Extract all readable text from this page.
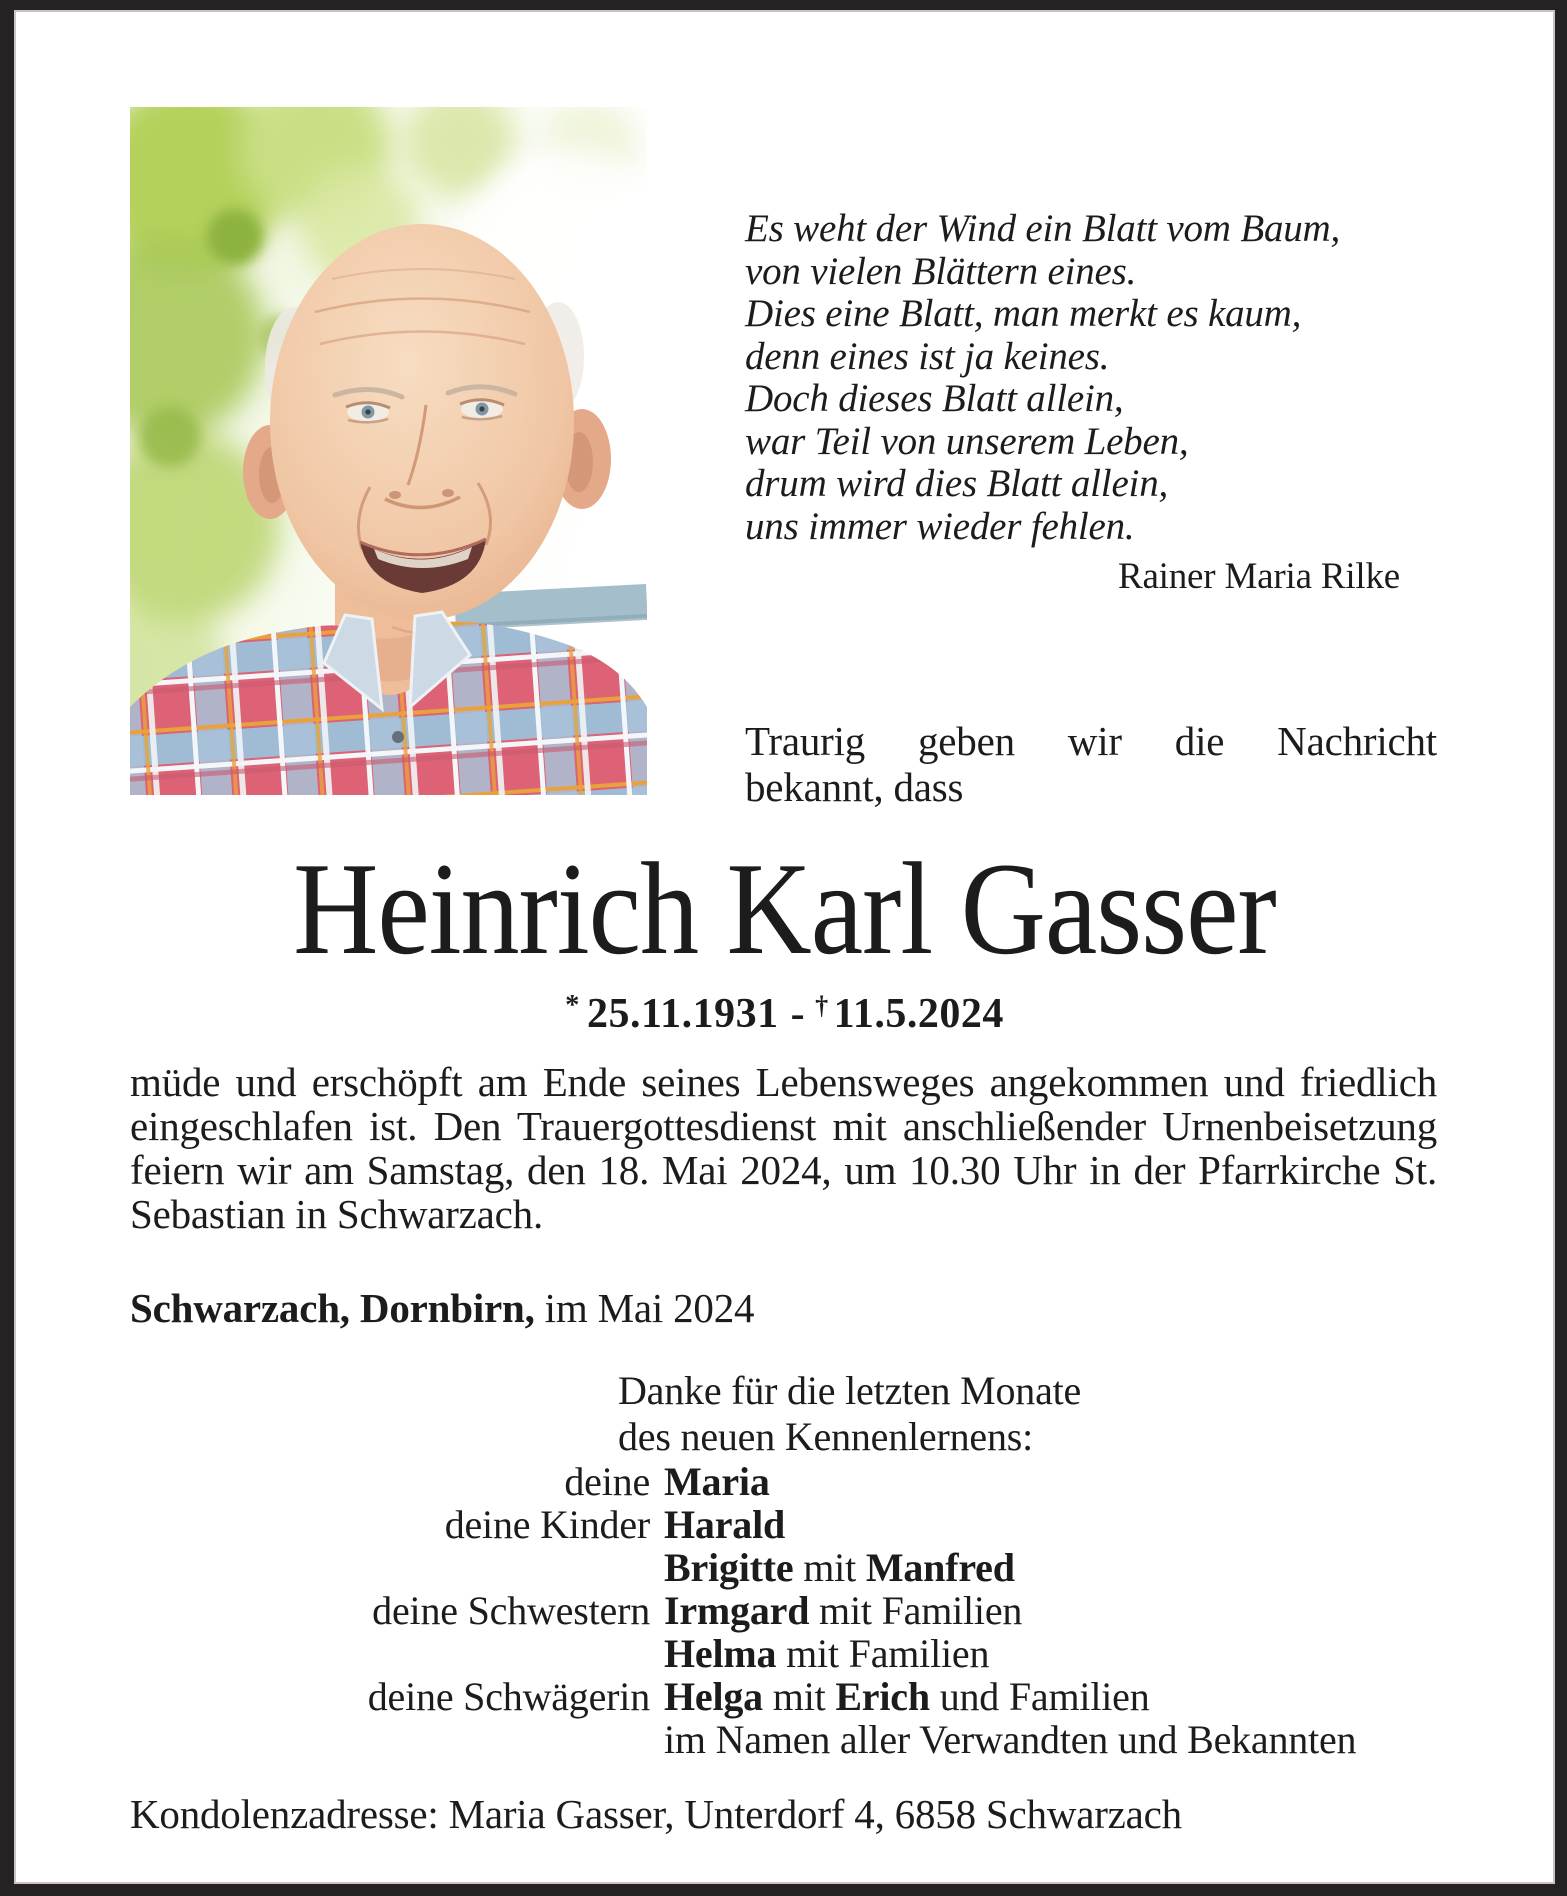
Es weht der Wind ein Blatt vom Baum,
von vielen Blättern eines.
Dies eine Blatt, man merkt es kaum,
denn eines ist ja keines.
Doch dieses Blatt allein,
war Teil von unserem Leben,
drum wird dies Blatt allein,
uns immer wieder fehlen.
Rainer Maria Rilke
Traurig geben wir die Nachricht
bekannt, dass
Heinrich Karl Gasser
* 25.11.1931 - † 11.5.2024
müde und erschöpft am Ende seines Lebensweges angekommen und friedlich eingeschlafen ist. Den Trauergottesdienst mit anschließender Urnenbeisetzung feiern wir am Samstag, den 18. Mai 2024, um 10.30 Uhr in der Pfarrkirche St. Sebastian in Schwarzach.
Schwarzach, Dornbirn, im Mai 2024
Danke für die letzten Monate
des neuen Kennenlernens:
deine Maria
deine Kinder Harald
Brigitte mit Manfred
deine Schwestern Irmgard mit Familien
Helma mit Familien
deine Schwägerin Helga mit Erich und Familien
im Namen aller Verwandten und Bekannten
Kondolenzadresse: Maria Gasser, Unterdorf 4, 6858 Schwarzach
